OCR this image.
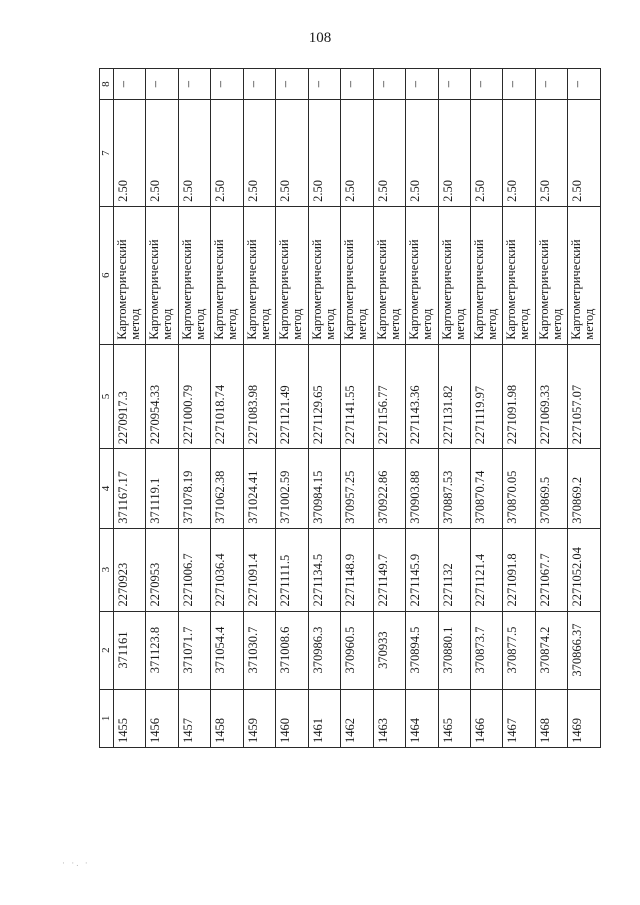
108
1	2	3	4	5	6	7	8
1455	371161	2270923	371167.17	2270917.3	Картометрический метод	2.50	–
1456	371123.8	2270953	371119.1	2270954.33	Картометрический метод	2.50	–
1457	371071.7	2271006.7	371078.19	2271000.79	Картометрический метод	2.50	–
1458	371054.4	2271036.4	371062.38	2271018.74	Картометрический метод	2.50	–
1459	371030.7	2271091.4	371024.41	2271083.98	Картометрический метод	2.50	–
1460	371008.6	2271111.5	371002.59	2271121.49	Картометрический метод	2.50	–
1461	370986.3	2271134.5	370984.15	2271129.65	Картометрический метод	2.50	–
1462	370960.5	2271148.9	370957.25	2271141.55	Картометрический метод	2.50	–
1463	370933	2271149.7	370922.86	2271156.77	Картометрический метод	2.50	–
1464	370894.5	2271145.9	370903.88	2271143.36	Картометрический метод	2.50	–
1465	370880.1	2271132	370887.53	2271131.82	Картометрический метод	2.50	–
1466	370873.7	2271121.4	370870.74	2271119.97	Картометрический метод	2.50	–
1467	370877.5	2271091.8	370870.05	2271091.98	Картометрический метод	2.50	–
1468	370874.2	2271067.7	370869.5	2271069.33	Картометрический метод	2.50	–
1469	370866.37	2271052.04	370869.2	2271057.07	Картометрический метод	2.50	–
· ·. ·
